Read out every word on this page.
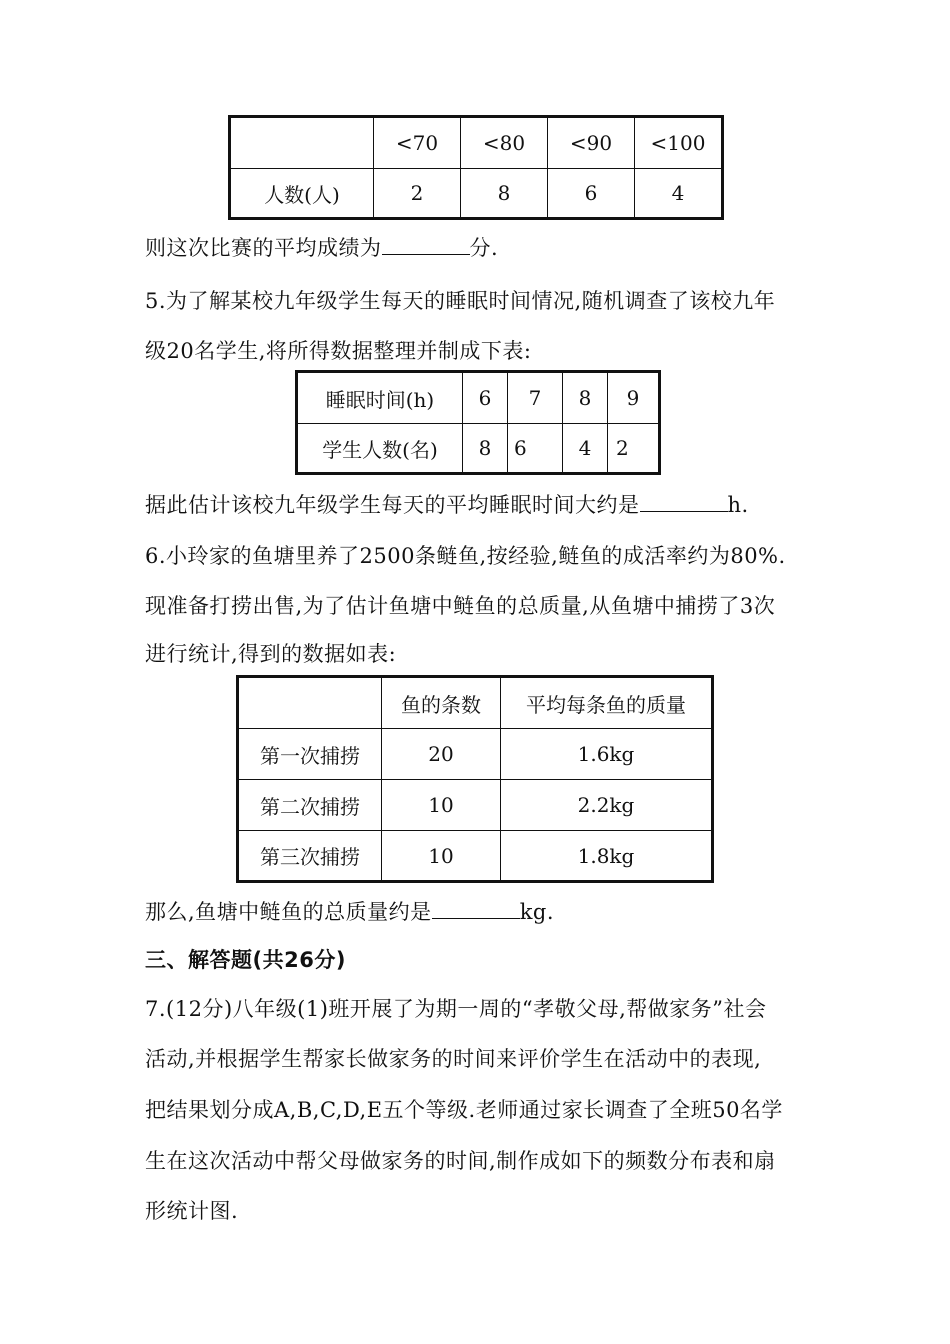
	<70	<80	<90	<100
人数(人)	2	8	6	4
则这次比赛的平均成绩为	分.
5.为了解某校九年级学生每天的睡眠时间情况,随机调查了该校九年
级20名学生,将所得数据整理并制成下表:
睡眠时间(h)	6	7	8	9
学生人数(名)	8	6	4	2
据此估计该校九年级学生每天的平均睡眠时间大约是	h.
6.小玲家的鱼塘里养了2500条鲢鱼,按经验,鲢鱼的成活率约为80%.
现准备打捞出售,为了估计鱼塘中鲢鱼的总质量,从鱼塘中捕捞了3次
进行统计,得到的数据如表:
	鱼的条数	平均每条鱼的质量
第一次捕捞	20	1.6kg
第二次捕捞	10	2.2kg
第三次捕捞	10	1.8kg
那么,鱼塘中鲢鱼的总质量约是	kg.
三、解答题(共26分)
7.(12分)八年级(1)班开展了为期一周的“孝敬父母,帮做家务”社会
活动,并根据学生帮家长做家务的时间来评价学生在活动中的表现,
把结果划分成A,B,C,D,E五个等级.老师通过家长调查了全班50名学
生在这次活动中帮父母做家务的时间,制作成如下的频数分布表和扇
形统计图.
